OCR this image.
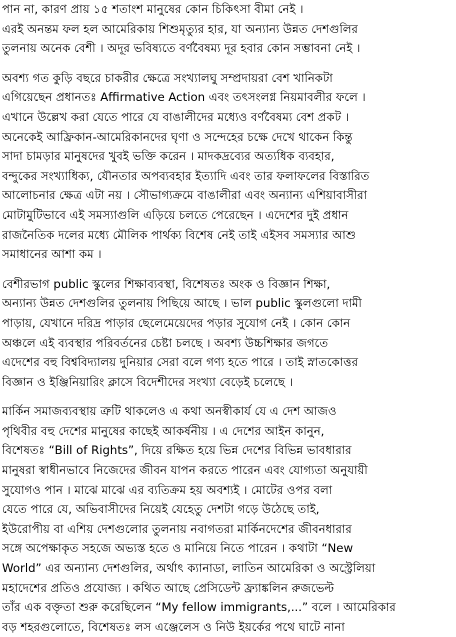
পান না, কারণ প্রায় ১৫ শতাংশ মানুষের কোন চিকিৎসা বীমা নেই ।
এরই অনন্তম ফল হল আমেরিকায় শিশুমৃত্যুর হার, যা অন্যান্য উন্নত দেশগুলির
তুলনায় অনেক বেশী । অদূর ভবিষ্যতে বর্ণবৈষম্য দূর হবার কোন সম্ভাবনা নেই ।

অবশ্য গত কুড়ি বছরে চাকরীর ক্ষেত্রে সংখ্যালঘু সম্প্রদায়রা বেশ খানিকটা
এগিয়েছেন প্রধানতঃ Affirmative Action এবং তৎসংলগ্ন নিয়মাবলীর ফলে ।
এখানে উল্লেখ করা যেতে পারে যে বাঙালীদের মধ্যেও বর্ণবৈষম্য বেশ প্রকট ।
অনেকেই আফ্রিকান-আমেরিকানদের ঘৃণা ও সন্দেহের চক্ষে দেখে থাকেন কিন্তু
সাদা চামড়ার মানুষদের খুবই ভক্তি করেন । মাদকদ্রব্যের অত্যধিক ব্যবহার,
বন্দুকের সংখ্যাধিক্য, যৌনতার অপব্যবহার ইত্যাদি এবং তার ফলাফলের বিস্তারিত
আলোচনার ক্ষেত্র এটা নয় । সৌভাগ্যক্রমে বাঙালীরা এবং অন্যান্য এশিয়াবাসীরা
মোটামুটিভাবে এই সমস্যাগুলি এড়িয়ে চলতে পেরেছেন । এদেশের দুই প্রধান
রাজনৈতিক দলের মধ্যে মৌলিক পার্থক্য বিশেষ নেই তাই এইসব সমস্যার আশু
সমাধানের আশা কম ।

বেশীরভাগ public স্কুলের শিক্ষাব্যবস্থা, বিশেষতঃ অংক ও বিজ্ঞান শিক্ষা,
অন্যান্য উন্নত দেশগুলির তুলনায় পিছিয়ে আছে । ভাল public স্কুলগুলো দামী
পাড়ায়, যেখানে দরিদ্র পাড়ার ছেলেমেয়েদের পড়ার সুযোগ নেই । কোন কোন
অঞ্চলে এই ব্যবস্থার পরিবর্তনের চেষ্টা চলছে । অবশ্য উচ্চশিক্ষার জগতে
এদেশের বহু বিশ্ববিদ্যালয় দুনিয়ার সেরা বলে গণ্য হতে পারে । তাই স্নাতকোত্তর
বিজ্ঞান ও ইঞ্জিনিয়ারিং ক্লাসে বিদেশীদের সংখ্যা বেড়েই চলেছে ।

মার্কিন সমাজব্যবস্থায় ত্রুটি থাকলেও এ কথা অনস্বীকার্য যে এ দেশ আজও
পৃথিবীর বহু দেশের মানুষের কাছেই আকর্ষনীয় । এ দেশের আইন কানুন,
বিশেষতঃ “Bill of Rights”, দিয়ে রক্ষিত হয়ে ভিন্ন দেশের বিভিন্ন ভাবধারার
মানুষরা স্বাধীনভাবে নিজেদের জীবন যাপন করতে পারেন এবং যোগ্যতা অনুযায়ী
সুযোগও পান । মাঝে মাঝে এর ব্যতিক্রম হয় অবশ্যই । মোটের ওপর বলা
যেতে পারে যে, অভিবাসীদের নিয়েই যেহেতু দেশটা গড়ে উঠেছে তাই,
ইউরোপীয় বা এশিয় দেশগুলোর তুলনায় নবাগতরা মার্কিনদেশের জীবনধারার
সঙ্গে অপেক্ষাকৃত সহজে অভ্যস্ত হতে ও মানিয়ে নিতে পারেন । কথাটা “New
World” এর অন্যান্য দেশগুলির, অর্থাৎ ক্যানাডা, লাতিন আমেরিকা ও অস্ট্রেলিয়া
মহাদেশের প্রতিও প্রযোজ্য । কথিত আছে প্রেসিডেন্ট ফ্র্যাঙ্কলিন রুজভেল্ট
তাঁর এক বক্তৃতা শুরু করেছিলেন “My fellow immigrants,...” বলে । আমেরিকার
বড় শহরগুলোতে, বিশেষতঃ লস এঞ্জেলেস ও নিউ ইয়র্কের পথে ঘাটে নানা
